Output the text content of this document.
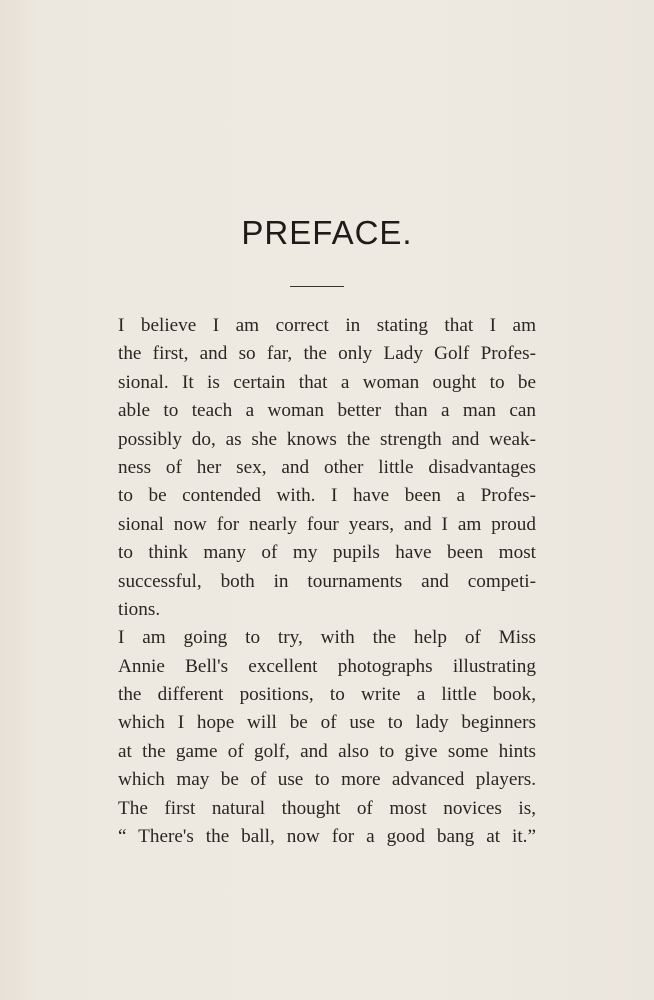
PREFACE.
I believe I am correct in stating that I am
the first, and so far, the only Lady Golf Profes-
sional. It is certain that a woman ought to be
able to teach a woman better than a man can
possibly do, as she knows the strength and weak-
ness of her sex, and other little disadvantages
to be contended with. I have been a Profes-
sional now for nearly four years, and I am proud
to think many of my pupils have been most
successful, both in tournaments and competi-
tions.
I am going to try, with the help of Miss
Annie Bell's excellent photographs illustrating
the different positions, to write a little book,
which I hope will be of use to lady beginners
at the game of golf, and also to give some hints
which may be of use to more advanced players.
The first natural thought of most novices is,
“ There's the ball, now for a good bang at it.”
